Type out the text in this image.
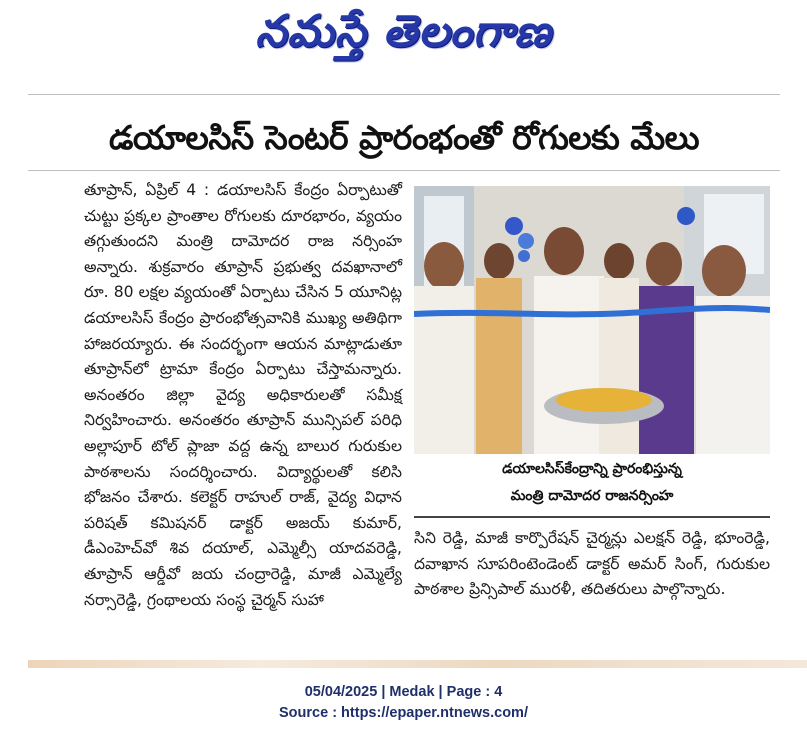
నమస్తే తెలంగాణ
డయాలసిస్ సెంటర్ ప్రారంభంతో రోగులకు మేలు

తూప్రాన్, ఏప్రిల్ 4 : డయాలసిస్ కేంద్రం ఏర్పాటుతో చుట్టు ప్రక్కల ప్రాంతాల రోగులకు దూరభారం, వ్యయం తగ్గుతుందని మంత్రి దామోదర రాజ నర్సింహ అన్నారు. శుక్రవారం తూప్రాన్ ప్రభుత్వ దవఖానాలో రూ. 80 లక్షల వ్యయంతో ఏర్పాటు చేసిన 5 యూనిట్ల డయాలసిస్ కేంద్రం ప్రారంభోత్సవానికి ముఖ్య అతిథిగా హాజరయ్యారు. ఈ సందర్భంగా ఆయన మాట్లాడుతూ తూప్రాన్‌లో ట్రామా కేంద్రం ఏర్పాటు చేస్తామన్నారు. అనంతరం జిల్లా వైద్య అధికారులతో సమీక్ష నిర్వహించారు. అనంతరం తూప్రాన్ మున్సిపల్ పరిధి అల్లాపూర్ టోల్ ప్లాజా వద్ద ఉన్న బాలుర గురుకుల పాఠశాలను సందర్శించారు. విద్యార్థులతో కలిసి భోజనం చేశారు. కలెక్టర్ రాహుల్ రాజ్, వైద్య విధాన పరిషత్ కమిషనర్ డాక్టర్ అజయ్ కుమార్, డీఎంహెచ్‌వో శివ దయాల్, ఎమ్మెల్సీ యాదవరెడ్డి, తూప్రాన్ ఆర్డీవో జయ చంద్రారెడ్డి, మాజీ ఎమ్మెల్యే నర్సారెడ్డి, గ్రంథాలయ సంస్థ చైర్మన్ సుహా

డయాలసిస్‌కేంద్రాన్ని ప్రారంభిస్తున్న
మంత్రి దామోదర రాజనర్సింహ

సిని రెడ్డి, మాజీ కార్పొరేషన్ చైర్మన్లు ఎలక్షన్ రెడ్డి, భూంరెడ్డి, దవాఖాన సూపరింటెండెంట్ డాక్టర్ అమర్ సింగ్, గురుకుల పాఠశాల ప్రిన్సిపాల్ మురళీ, తదితరులు పాల్గొన్నారు.

05/04/2025 | Medak | Page : 4
Source : https://epaper.ntnews.com/
